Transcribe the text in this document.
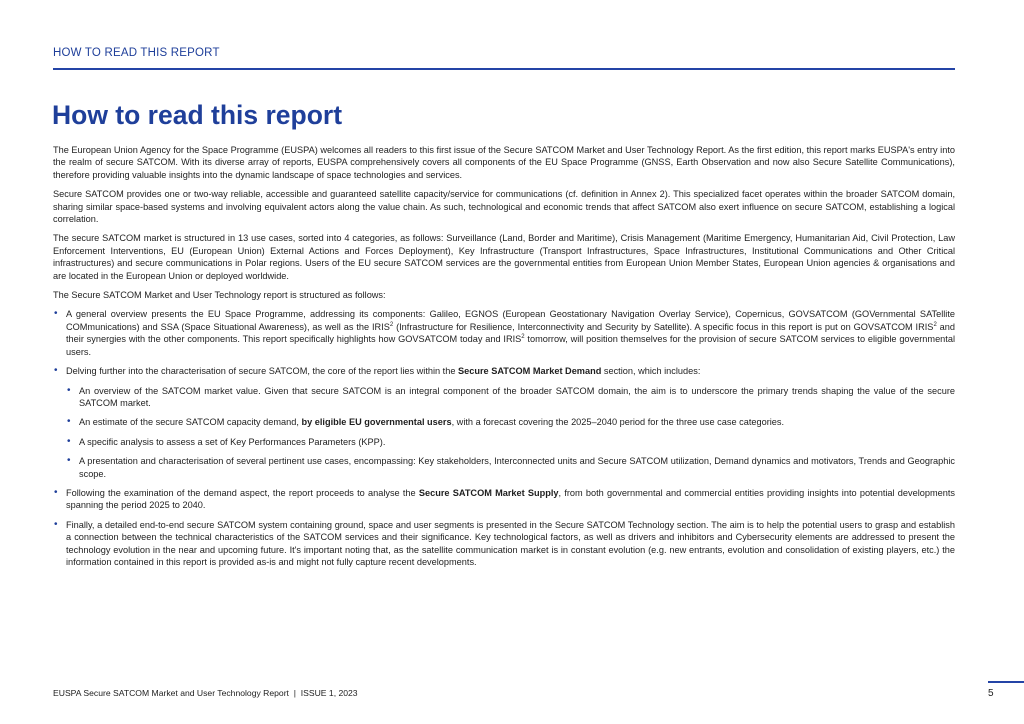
HOW TO READ THIS REPORT
How to read this report

The European Union Agency for the Space Programme (EUSPA) welcomes all readers to this first issue of the Secure SATCOM Market and User Technology Report. As the first edition, this report marks EUSPA's entry into the realm of secure SATCOM. With its diverse array of reports, EUSPA comprehensively covers all components of the EU Space Programme (GNSS, Earth Observation and now also Secure Satellite Communications), therefore providing valuable insights into the dynamic landscape of space technologies and services.

Secure SATCOM provides one or two-way reliable, accessible and guaranteed satellite capacity/service for communications (cf. definition in Annex 2). This specialized facet operates within the broader SATCOM domain, sharing similar space-based systems and involving equivalent actors along the value chain. As such, technological and economic trends that affect SATCOM also exert influence on secure SATCOM, establishing a logical correlation.

The secure SATCOM market is structured in 13 use cases, sorted into 4 categories, as follows: Surveillance (Land, Border and Maritime), Crisis Management (Maritime Emergency, Humanitarian Aid, Civil Protection, Law Enforcement Interventions, EU (European Union) External Actions and Forces Deployment), Key Infrastructure (Transport Infrastructures, Space Infrastructures, Institutional Communications and Other Critical infrastructures) and secure communications in Polar regions. Users of the EU secure SATCOM services are the governmental entities from European Union Member States, European Union agencies & organisations and are located in the European Union or deployed worldwide.

The Secure SATCOM Market and User Technology report is structured as follows:

• A general overview presents the EU Space Programme, addressing its components: Galileo, EGNOS (European Geostationary Navigation Overlay Service), Copernicus, GOVSATCOM (GOVernmental SATellite COMmunications) and SSA (Space Situational Awareness), as well as the IRIS$^2$ (Infrastructure for Resilience, Interconnectivity and Security by Satellite). A specific focus in this report is put on GOVSATCOM IRIS$^2$ and their synergies with the other components. This report specifically highlights how GOVSATCOM today and IRIS$^2$ tomorrow, will position themselves for the provision of secure SATCOM services to eligible governmental users.
• Delving further into the characterisation of secure SATCOM, the core of the report lies within the Secure SATCOM Market Demand section, which includes:
• An overview of the SATCOM market value. Given that secure SATCOM is an integral component of the broader SATCOM domain, the aim is to underscore the primary trends shaping the value of the secure SATCOM market.
• An estimate of the secure SATCOM capacity demand, by eligible EU governmental users, with a forecast covering the 2025–2040 period for the three use case categories.
• A specific analysis to assess a set of Key Performances Parameters (KPP).
• A presentation and characterisation of several pertinent use cases, encompassing: Key stakeholders, Interconnected units and Secure SATCOM utilization, Demand dynamics and motivators, Trends and Geographic scope.
• Following the examination of the demand aspect, the report proceeds to analyse the Secure SATCOM Market Supply, from both governmental and commercial entities providing insights into potential developments spanning the period 2025 to 2040.
• Finally, a detailed end-to-end secure SATCOM system containing ground, space and user segments is presented in the Secure SATCOM Technology section. The aim is to help the potential users to grasp and establish a connection between the technical characteristics of the SATCOM services and their significance. Key technological factors, as well as drivers and inhibitors and Cybersecurity elements are addressed to present the technology evolution in the near and upcoming future. It's important noting that, as the satellite communication market is in constant evolution (e.g. new entrants, evolution and consolidation of existing players, etc.) the information contained in this report is provided as-is and might not fully capture recent developments.
EUSPA Secure SATCOM Market and User Technology Report  |  ISSUE 1, 2023	5
